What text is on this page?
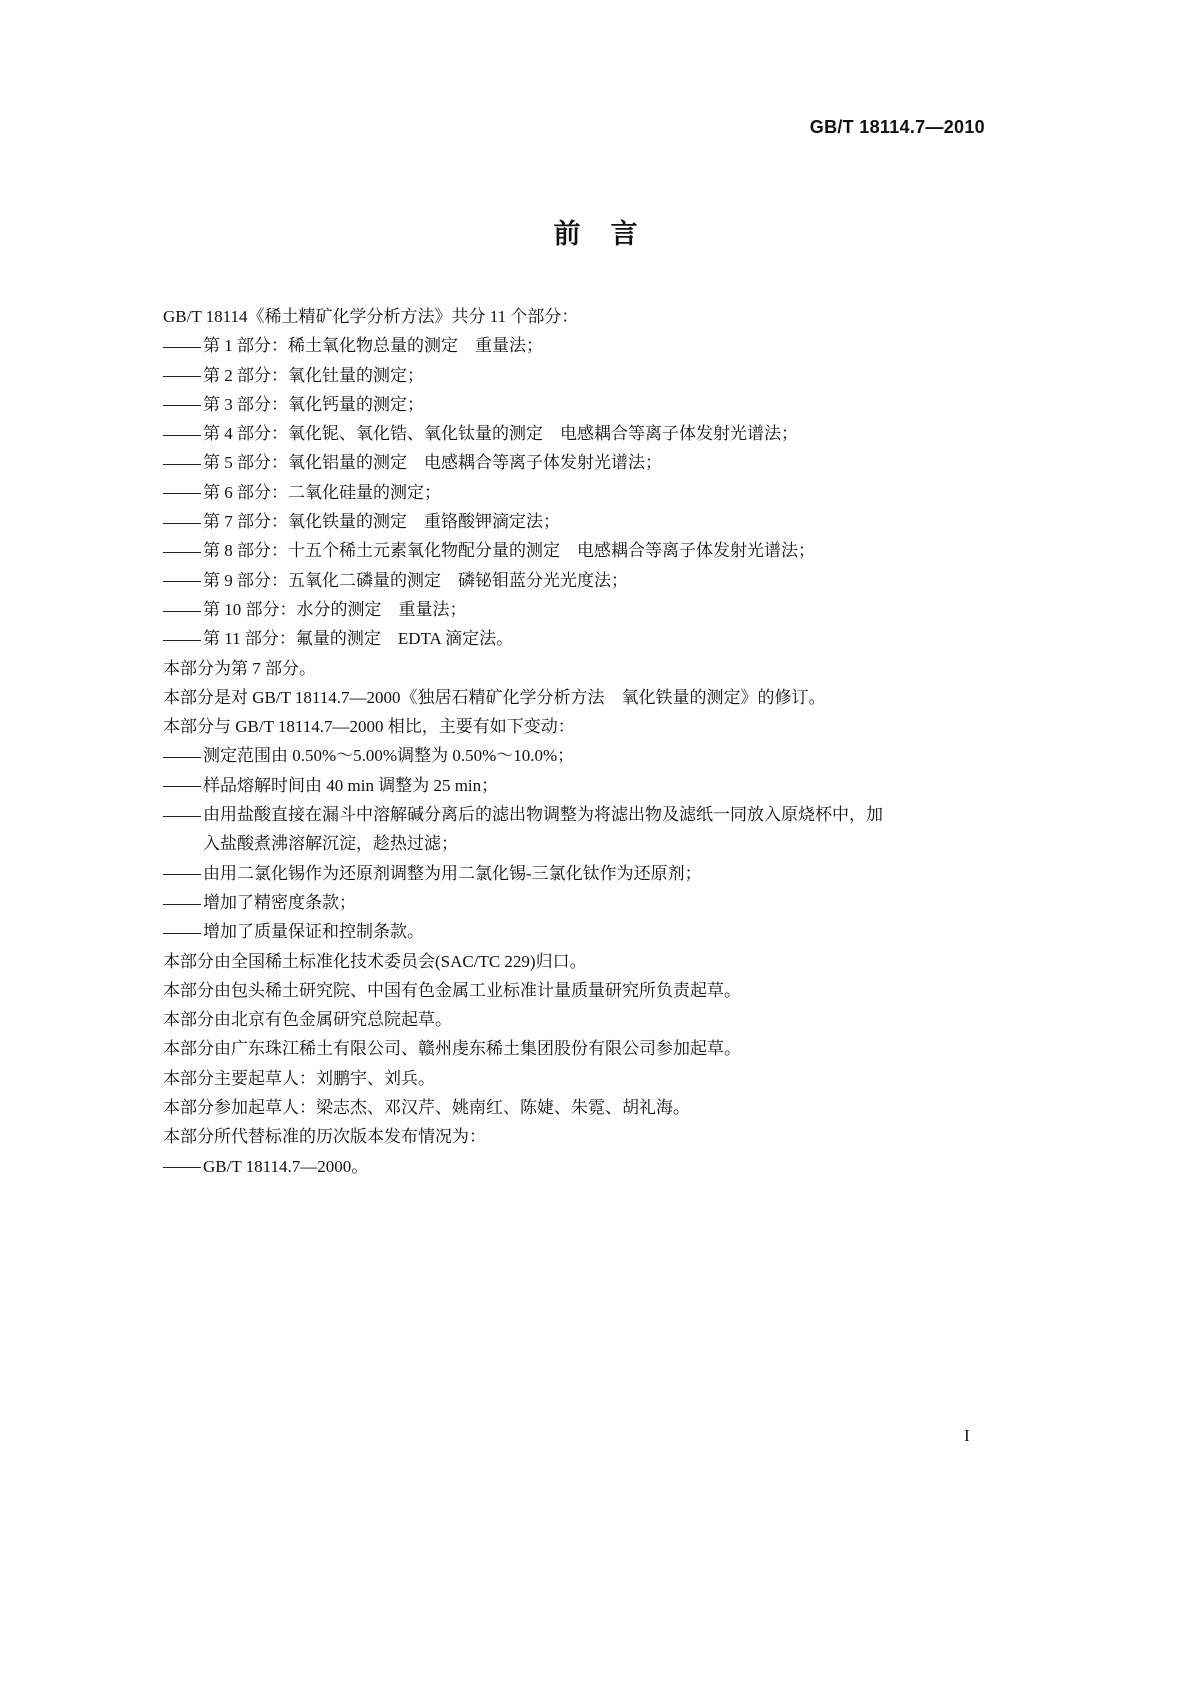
GB/T 18114.7—2010
前言
GB/T 18114《稀土精矿化学分析方法》共分 11 个部分：
第 1 部分：稀土氧化物总量的测定　重量法；
第 2 部分：氧化钍量的测定；
第 3 部分：氧化钙量的测定；
第 4 部分：氧化铌、氧化锆、氧化钛量的测定　电感耦合等离子体发射光谱法；
第 5 部分：氧化铝量的测定　电感耦合等离子体发射光谱法；
第 6 部分：二氧化硅量的测定；
第 7 部分：氧化铁量的测定　重铬酸钾滴定法；
第 8 部分：十五个稀土元素氧化物配分量的测定　电感耦合等离子体发射光谱法；
第 9 部分：五氧化二磷量的测定　磷铋钼蓝分光光度法；
第 10 部分：水分的测定　重量法；
第 11 部分：氟量的测定　EDTA 滴定法。
本部分为第 7 部分。
本部分是对 GB/T 18114.7—2000《独居石精矿化学分析方法　氧化铁量的测定》的修订。
本部分与 GB/T 18114.7—2000 相比，主要有如下变动：
测定范围由 0.50%～5.00%调整为 0.50%～10.0%；
样品熔解时间由 40 min 调整为 25 min；
由用盐酸直接在漏斗中溶解碱分离后的滤出物调整为将滤出物及滤纸一同放入原烧杯中，加
入盐酸煮沸溶解沉淀，趁热过滤；
由用二氯化锡作为还原剂调整为用二氯化锡-三氯化钛作为还原剂；
增加了精密度条款；
增加了质量保证和控制条款。
本部分由全国稀土标准化技术委员会(SAC/TC 229)归口。
本部分由包头稀土研究院、中国有色金属工业标准计量质量研究所负责起草。
本部分由北京有色金属研究总院起草。
本部分由广东珠江稀土有限公司、赣州虔东稀土集团股份有限公司参加起草。
本部分主要起草人：刘鹏宇、刘兵。
本部分参加起草人：梁志杰、邓汉芹、姚南红、陈婕、朱霓、胡礼海。
本部分所代替标准的历次版本发布情况为：
GB/T 18114.7—2000。
I
